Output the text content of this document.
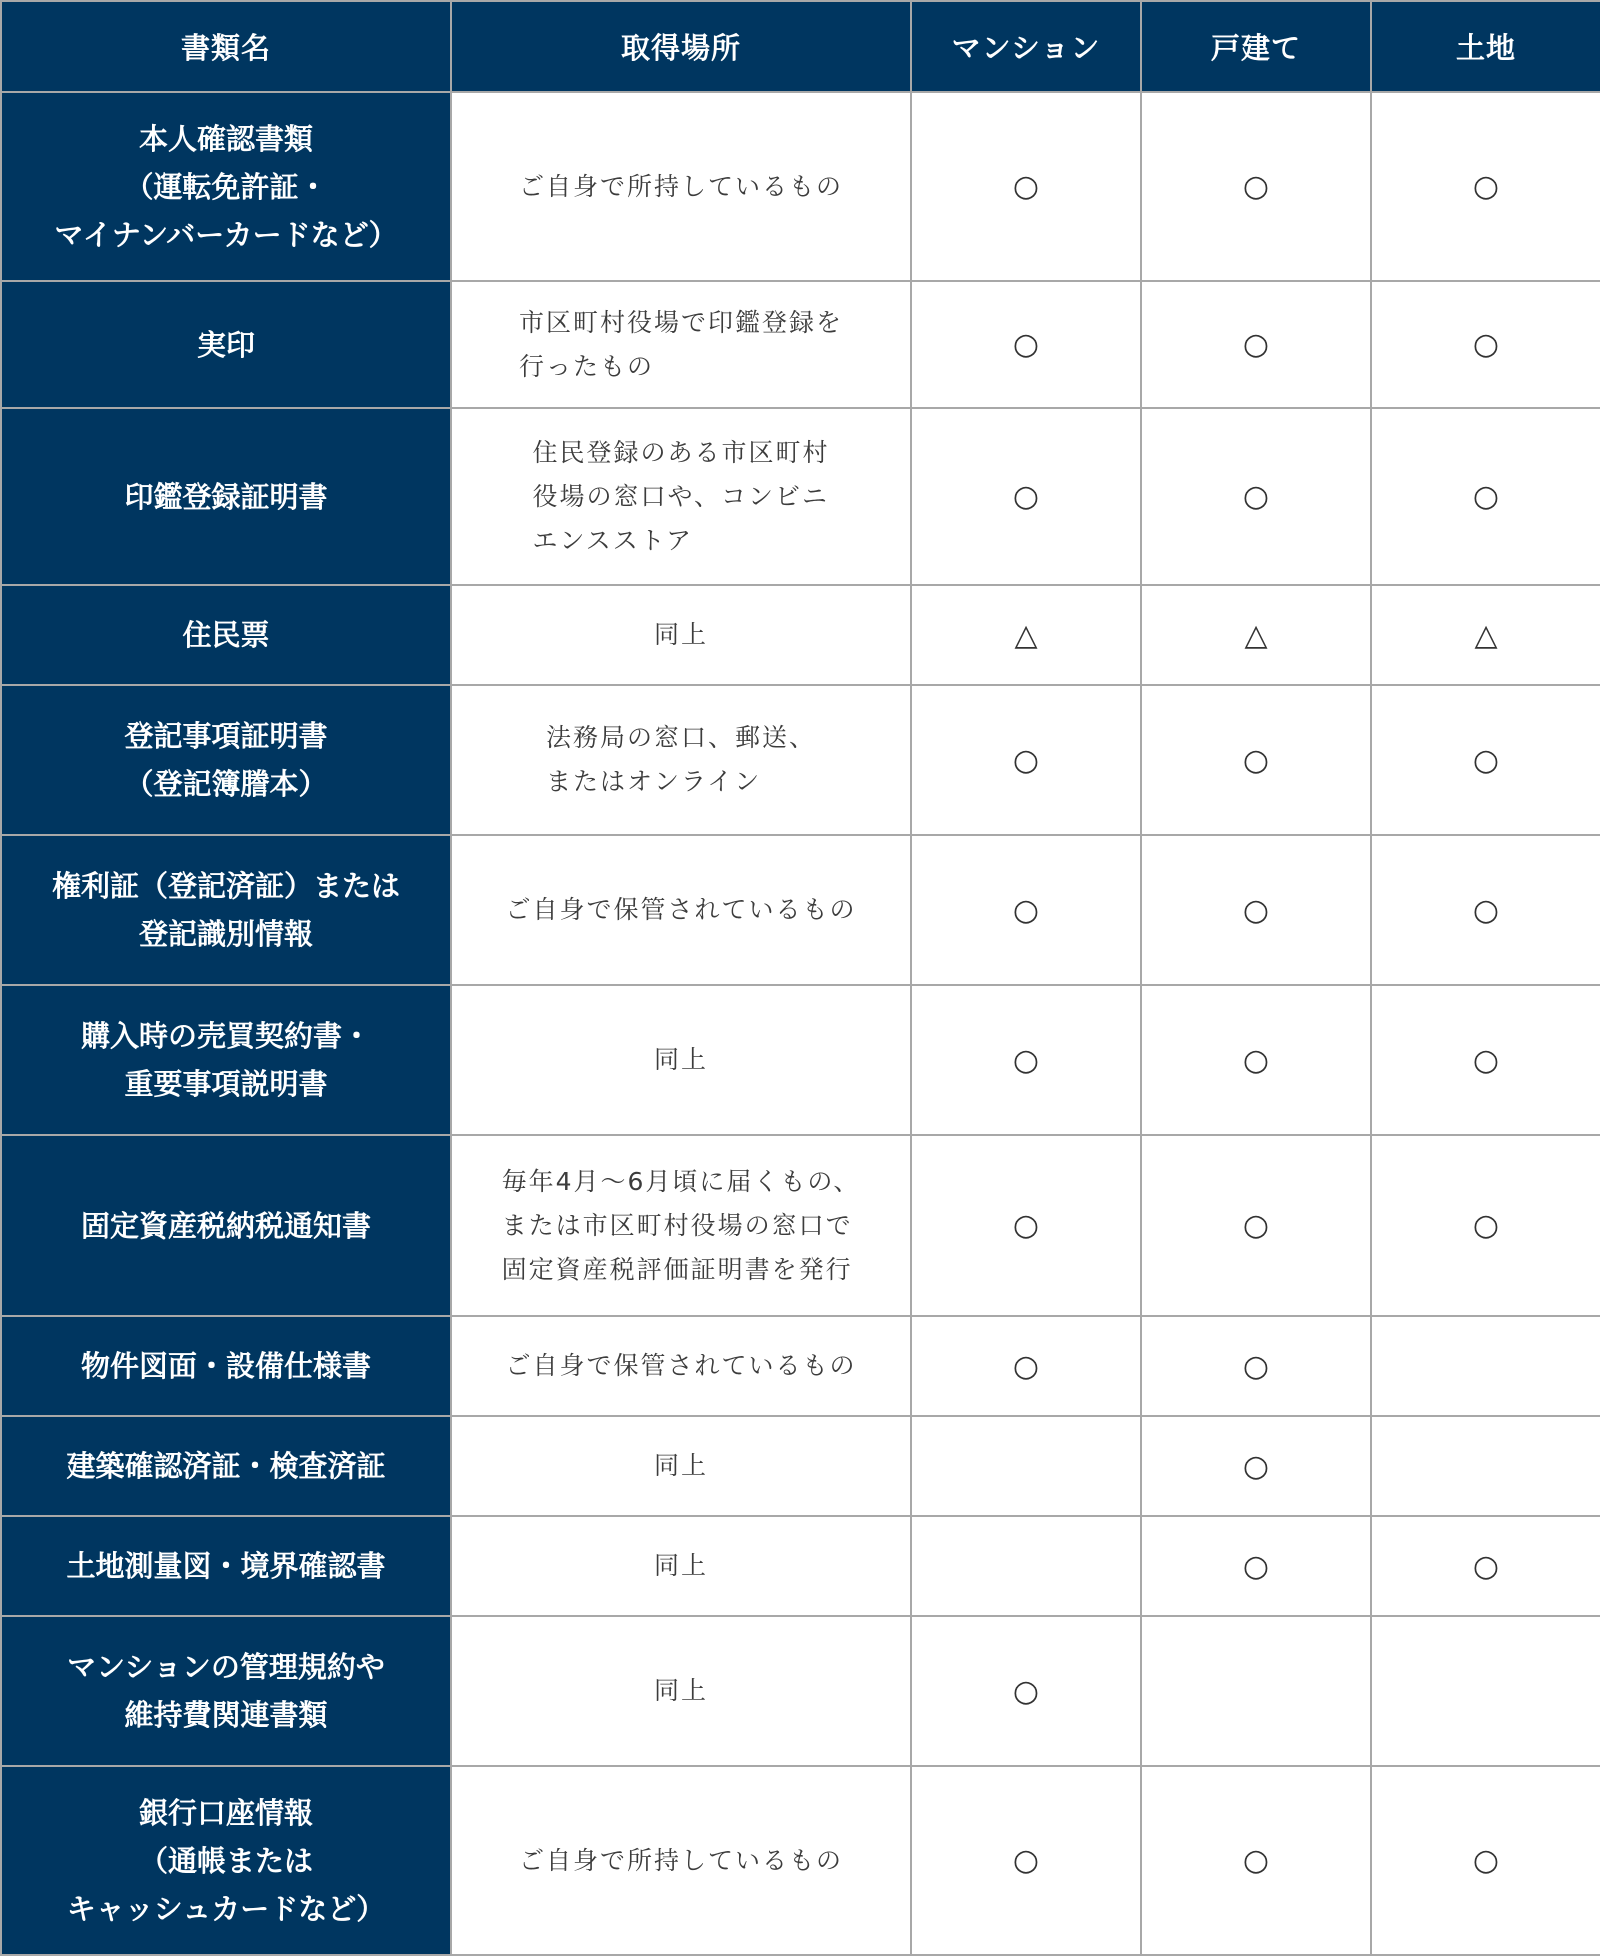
書類名	取得場所	マンション	戸建て	土地

本人確認書類
（運転免許証・
マイナンバーカードなど）	ご自身で所持しているもの	○	○	○

実印	市区町村役場で印鑑登録を
行ったもの	○	○	○

印鑑登録証明書	住民登録のある市区町村
役場の窓口や、コンビニ
エンスストア	○	○	○

住民票	同上	△	△	△

登記事項証明書
（登記簿謄本）	法務局の窓口、郵送、
またはオンライン	○	○	○

権利証（登記済証）または
登記識別情報	ご自身で保管されているもの	○	○	○

購入時の売買契約書・
重要事項説明書	同上	○	○	○

固定資産税納税通知書	毎年4月～6月頃に届くもの、
または市区町村役場の窓口で
固定資産税評価証明書を発行	○	○	○

物件図面・設備仕様書	ご自身で保管されているもの	○	○	

建築確認済証・検査済証	同上		○	

土地測量図・境界確認書	同上		○	○

マンションの管理規約や
維持費関連書類	同上	○		

銀行口座情報
（通帳または
キャッシュカードなど）	ご自身で所持しているもの	○	○	○
